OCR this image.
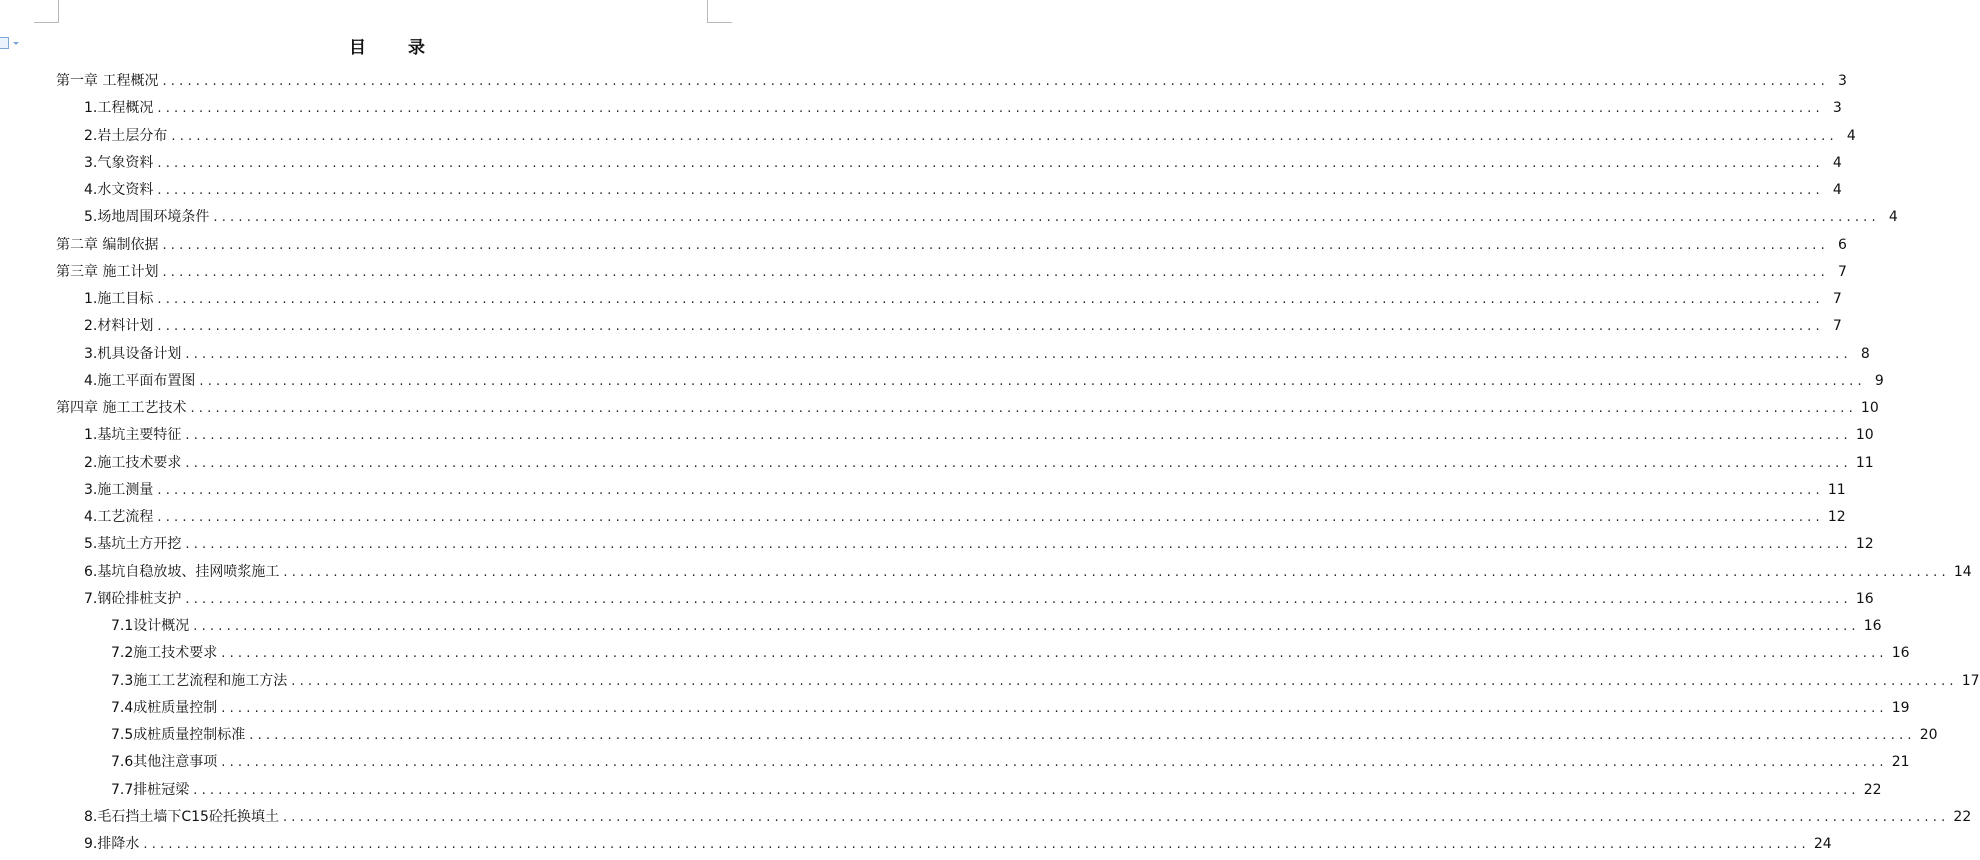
目 录
第一章 工程概况 ........................................................................................................................................................................................................ 3
1.工程概况 ........................................................................................................................................................................................................ 3
2.岩土层分布 ........................................................................................................................................................................................................ 4
3.气象资料 ........................................................................................................................................................................................................ 4
4.水文资料 ........................................................................................................................................................................................................ 4
5.场地周围环境条件 ........................................................................................................................................................................................................ 4
第二章 编制依据 ........................................................................................................................................................................................................ 6
第三章 施工计划 ........................................................................................................................................................................................................ 7
1.施工目标 ........................................................................................................................................................................................................ 7
2.材料计划 ........................................................................................................................................................................................................ 7
3.机具设备计划 ........................................................................................................................................................................................................ 8
4.施工平面布置图 ........................................................................................................................................................................................................ 9
第四章 施工工艺技术 ........................................................................................................................................................................................................ 10
1.基坑主要特征 ........................................................................................................................................................................................................ 10
2.施工技术要求 ........................................................................................................................................................................................................ 11
3.施工测量 ........................................................................................................................................................................................................ 11
4.工艺流程 ........................................................................................................................................................................................................ 12
5.基坑土方开挖 ........................................................................................................................................................................................................ 12
6.基坑自稳放坡、挂网喷浆施工 ........................................................................................................................................................................................................ 14
7.钢砼排桩支护 ........................................................................................................................................................................................................ 16
7.1设计概况 ........................................................................................................................................................................................................ 16
7.2施工技术要求 ........................................................................................................................................................................................................ 16
7.3施工工艺流程和施工方法 ........................................................................................................................................................................................................ 17
7.4成桩质量控制 ........................................................................................................................................................................................................ 19
7.5成桩质量控制标准 ........................................................................................................................................................................................................ 20
7.6其他注意事项 ........................................................................................................................................................................................................ 21
7.7排桩冠梁 ........................................................................................................................................................................................................ 22
8.毛石挡土墙下C15砼托换填土 ........................................................................................................................................................................................................ 22
9.排降水 ........................................................................................................................................................................................................ 24
